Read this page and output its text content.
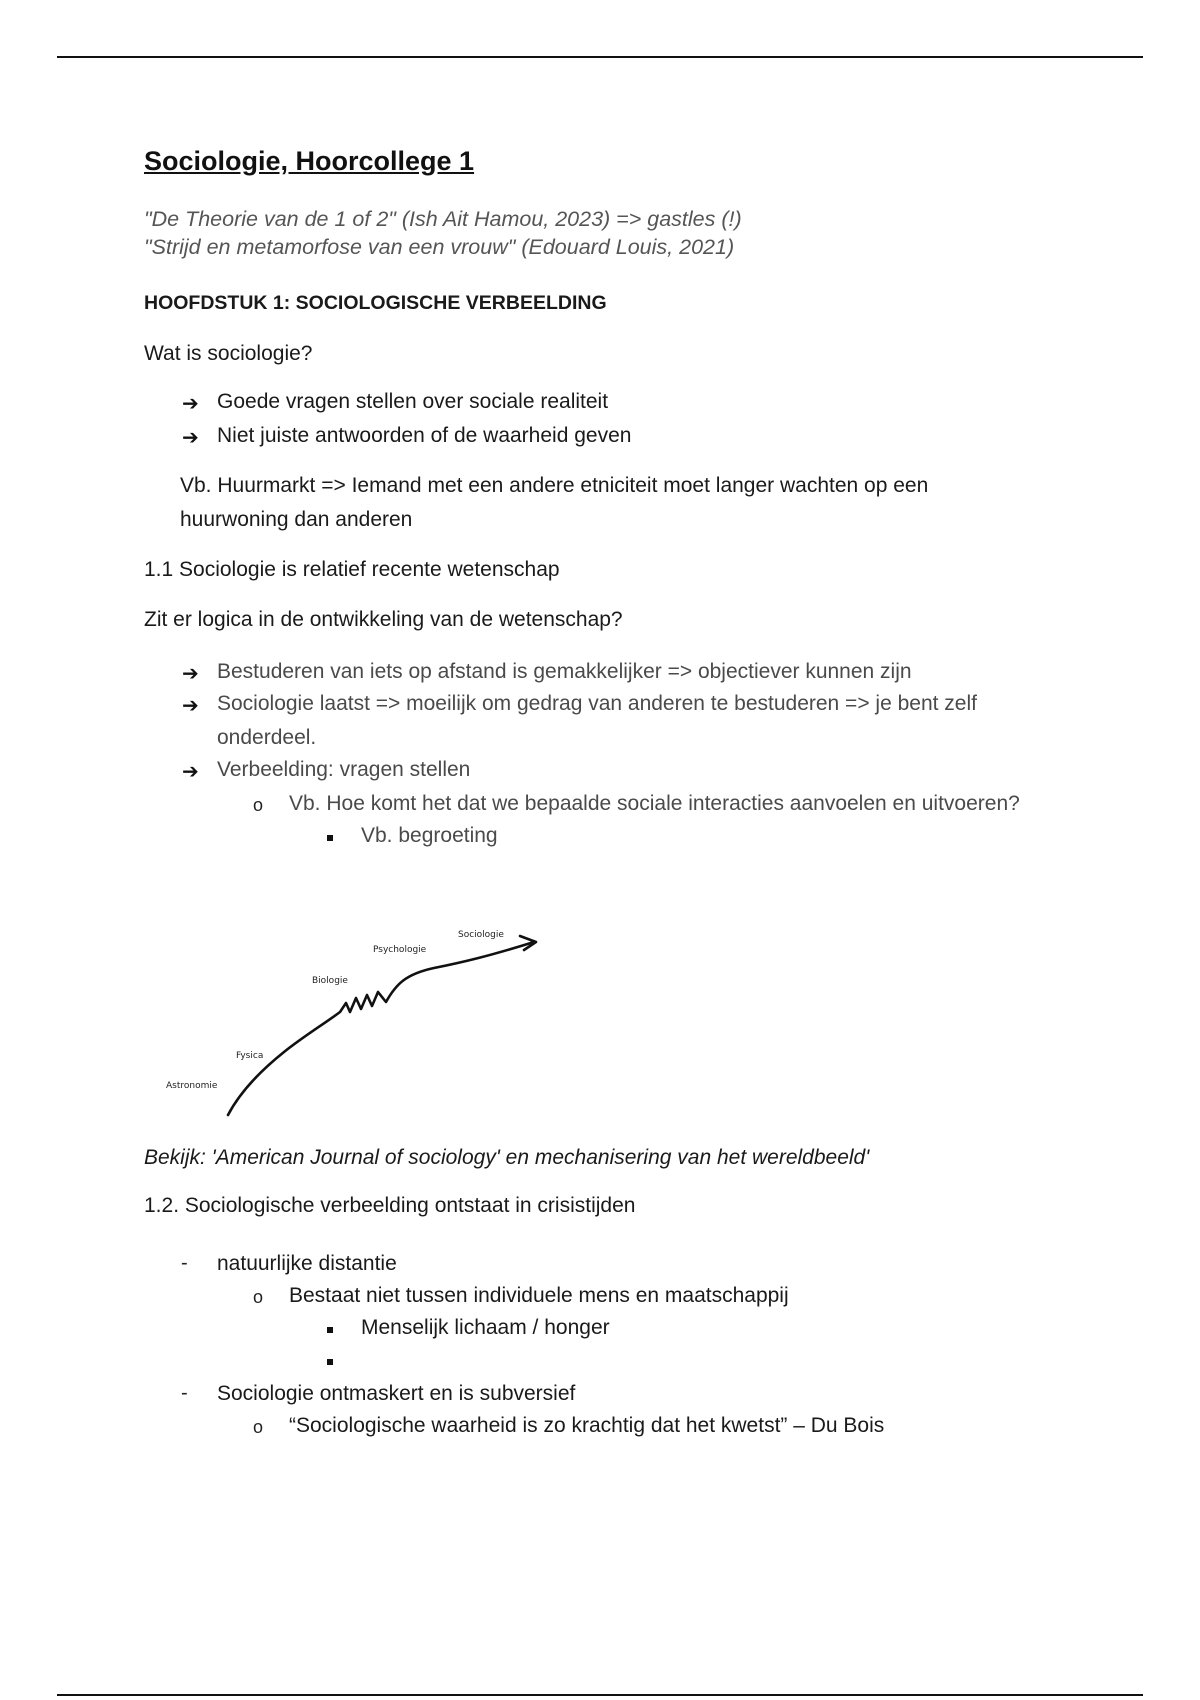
Sociologie, Hoorcollege 1
"De Theorie van de 1 of 2" (Ish Ait Hamou, 2023) => gastles (!)
"Strijd en metamorfose van een vrouw" (Edouard Louis, 2021)
HOOFDSTUK 1: SOCIOLOGISCHE VERBEELDING
Wat is sociologie?
➔ Goede vragen stellen over sociale realiteit
➔ Niet juiste antwoorden of de waarheid geven
Vb. Huurmarkt => Iemand met een andere etniciteit moet langer wachten op een
huurwoning dan anderen
1.1 Sociologie is relatief recente wetenschap
Zit er logica in de ontwikkeling van de wetenschap?
➔ Bestuderen van iets op afstand is gemakkelijker => objectiever kunnen zijn
➔ Sociologie laatst => moeilijk om gedrag van anderen te bestuderen => je bent zelf
onderdeel.
➔ Verbeelding: vragen stellen
o Vb. Hoe komt het dat we bepaalde sociale interacties aanvoelen en uitvoeren?
Vb. begroeting
Astronomie
Fysica
Biologie
Psychologie
Sociologie
Bekijk: 'American Journal of sociology' en mechanisering van het wereldbeeld'
1.2. Sociologische verbeelding ontstaat in crisistijden
- natuurlijke distantie
o Bestaat niet tussen individuele mens en maatschappij
Menselijk lichaam / honger
- Sociologie ontmaskert en is subversief
o “Sociologische waarheid is zo krachtig dat het kwetst” – Du Bois
